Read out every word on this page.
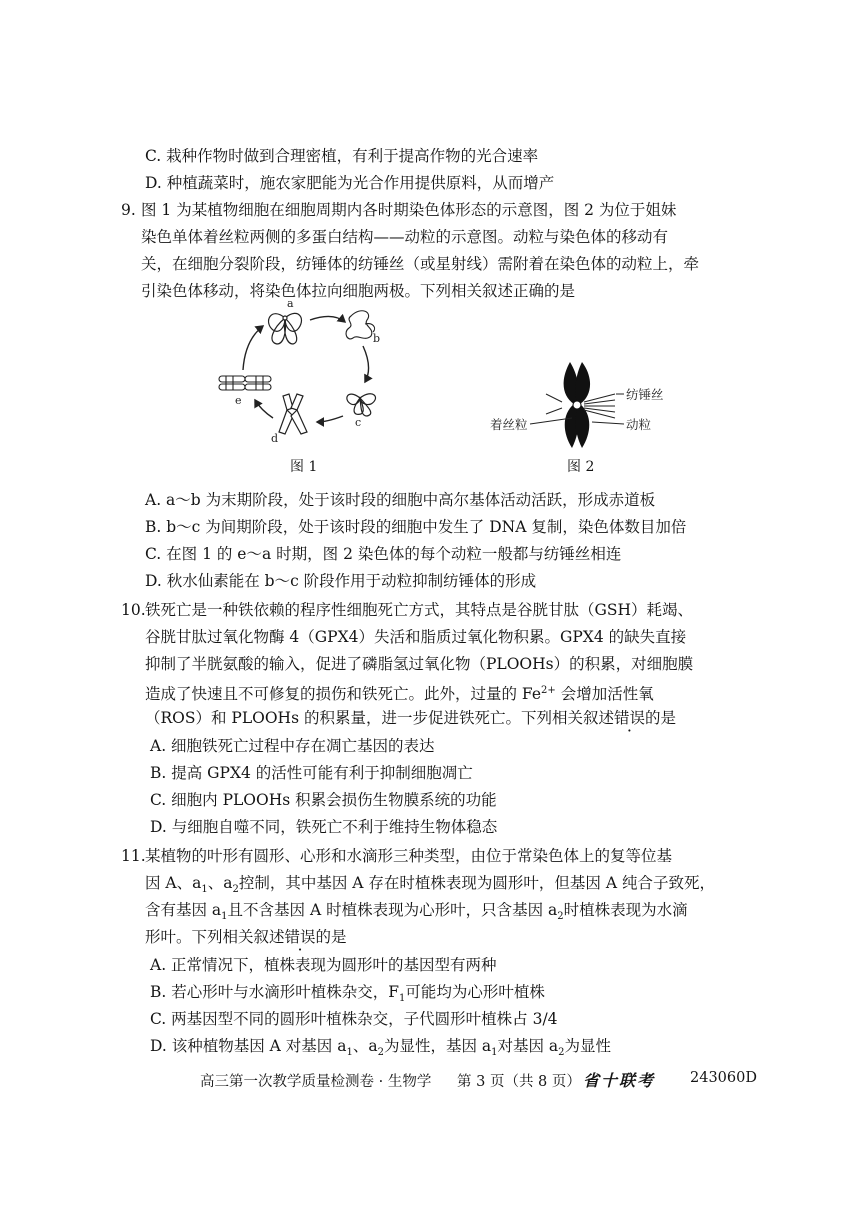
C. 栽种作物时做到合理密植，有利于提高作物的光合速率
D. 种植蔬菜时，施农家肥能为光合作用提供原料，从而增产
9. 图 1 为某植物细胞在细胞周期内各时期染色体形态的示意图，图 2 为位于姐妹
染色单体着丝粒两侧的多蛋白结构——动粒的示意图。动粒与染色体的移动有
关，在细胞分裂阶段，纺锤体的纺锤丝（或星射线）需附着在染色体的动粒上，牵
引染色体移动，将染色体拉向细胞两极。下列相关叙述正确的是
a
b
c
d
e
图 1
纺锤丝
动粒
着丝粒
图 2
A. a～b 为末期阶段，处于该时段的细胞中高尔基体活动活跃，形成赤道板
B. b～c 为间期阶段，处于该时段的细胞中发生了 DNA 复制，染色体数目加倍
C. 在图 1 的 e～a 时期，图 2 染色体的每个动粒一般都与纺锤丝相连
D. 秋水仙素能在 b～c 阶段作用于动粒抑制纺锤体的形成
10. 铁死亡是一种铁依赖的程序性细胞死亡方式，其特点是谷胱甘肽（GSH）耗竭、
谷胱甘肽过氧化物酶 4（GPX4）失活和脂质过氧化物积累。GPX4 的缺失直接
抑制了半胱氨酸的输入，促进了磷脂氢过氧化物（PLOOHs）的积累，对细胞膜
造成了快速且不可修复的损伤和铁死亡。此外，过量的 $Fe^{2+}$ 会增加活性氧
（ROS）和 PLOOHs 的积累量，进一步促进铁死亡。下列相关叙述错误的是
A. 细胞铁死亡过程中存在凋亡基因的表达
B. 提高 GPX4 的活性可能有利于抑制细胞凋亡
C. 细胞内 PLOOHs 积累会损伤生物膜系统的功能
D. 与细胞自噬不同，铁死亡不利于维持生物体稳态
11. 某植物的叶形有圆形、心形和水滴形三种类型，由位于常染色体上的复等位基
因 A、$a_1$、$a_2$控制，其中基因 A 存在时植株表现为圆形叶，但基因 A 纯合子致死，
含有基因 $a_1$且不含基因 A 时植株表现为心形叶，只含基因 $a_2$时植株表现为水滴
形叶。下列相关叙述错误的是
A. 正常情况下，植株表现为圆形叶的基因型有两种
B. 若心形叶与水滴形叶植株杂交，$F_1$可能均为心形叶植株
C. 两基因型不同的圆形叶植株杂交，子代圆形叶植株占 3/4
D. 该种植物基因 A 对基因 $a_1$、$a_2$为显性，基因 $a_1$对基因 $a_2$为显性
高三第一次教学质量检测卷 · 生物学 第 3 页（共 8 页） 省十联考 243060D
